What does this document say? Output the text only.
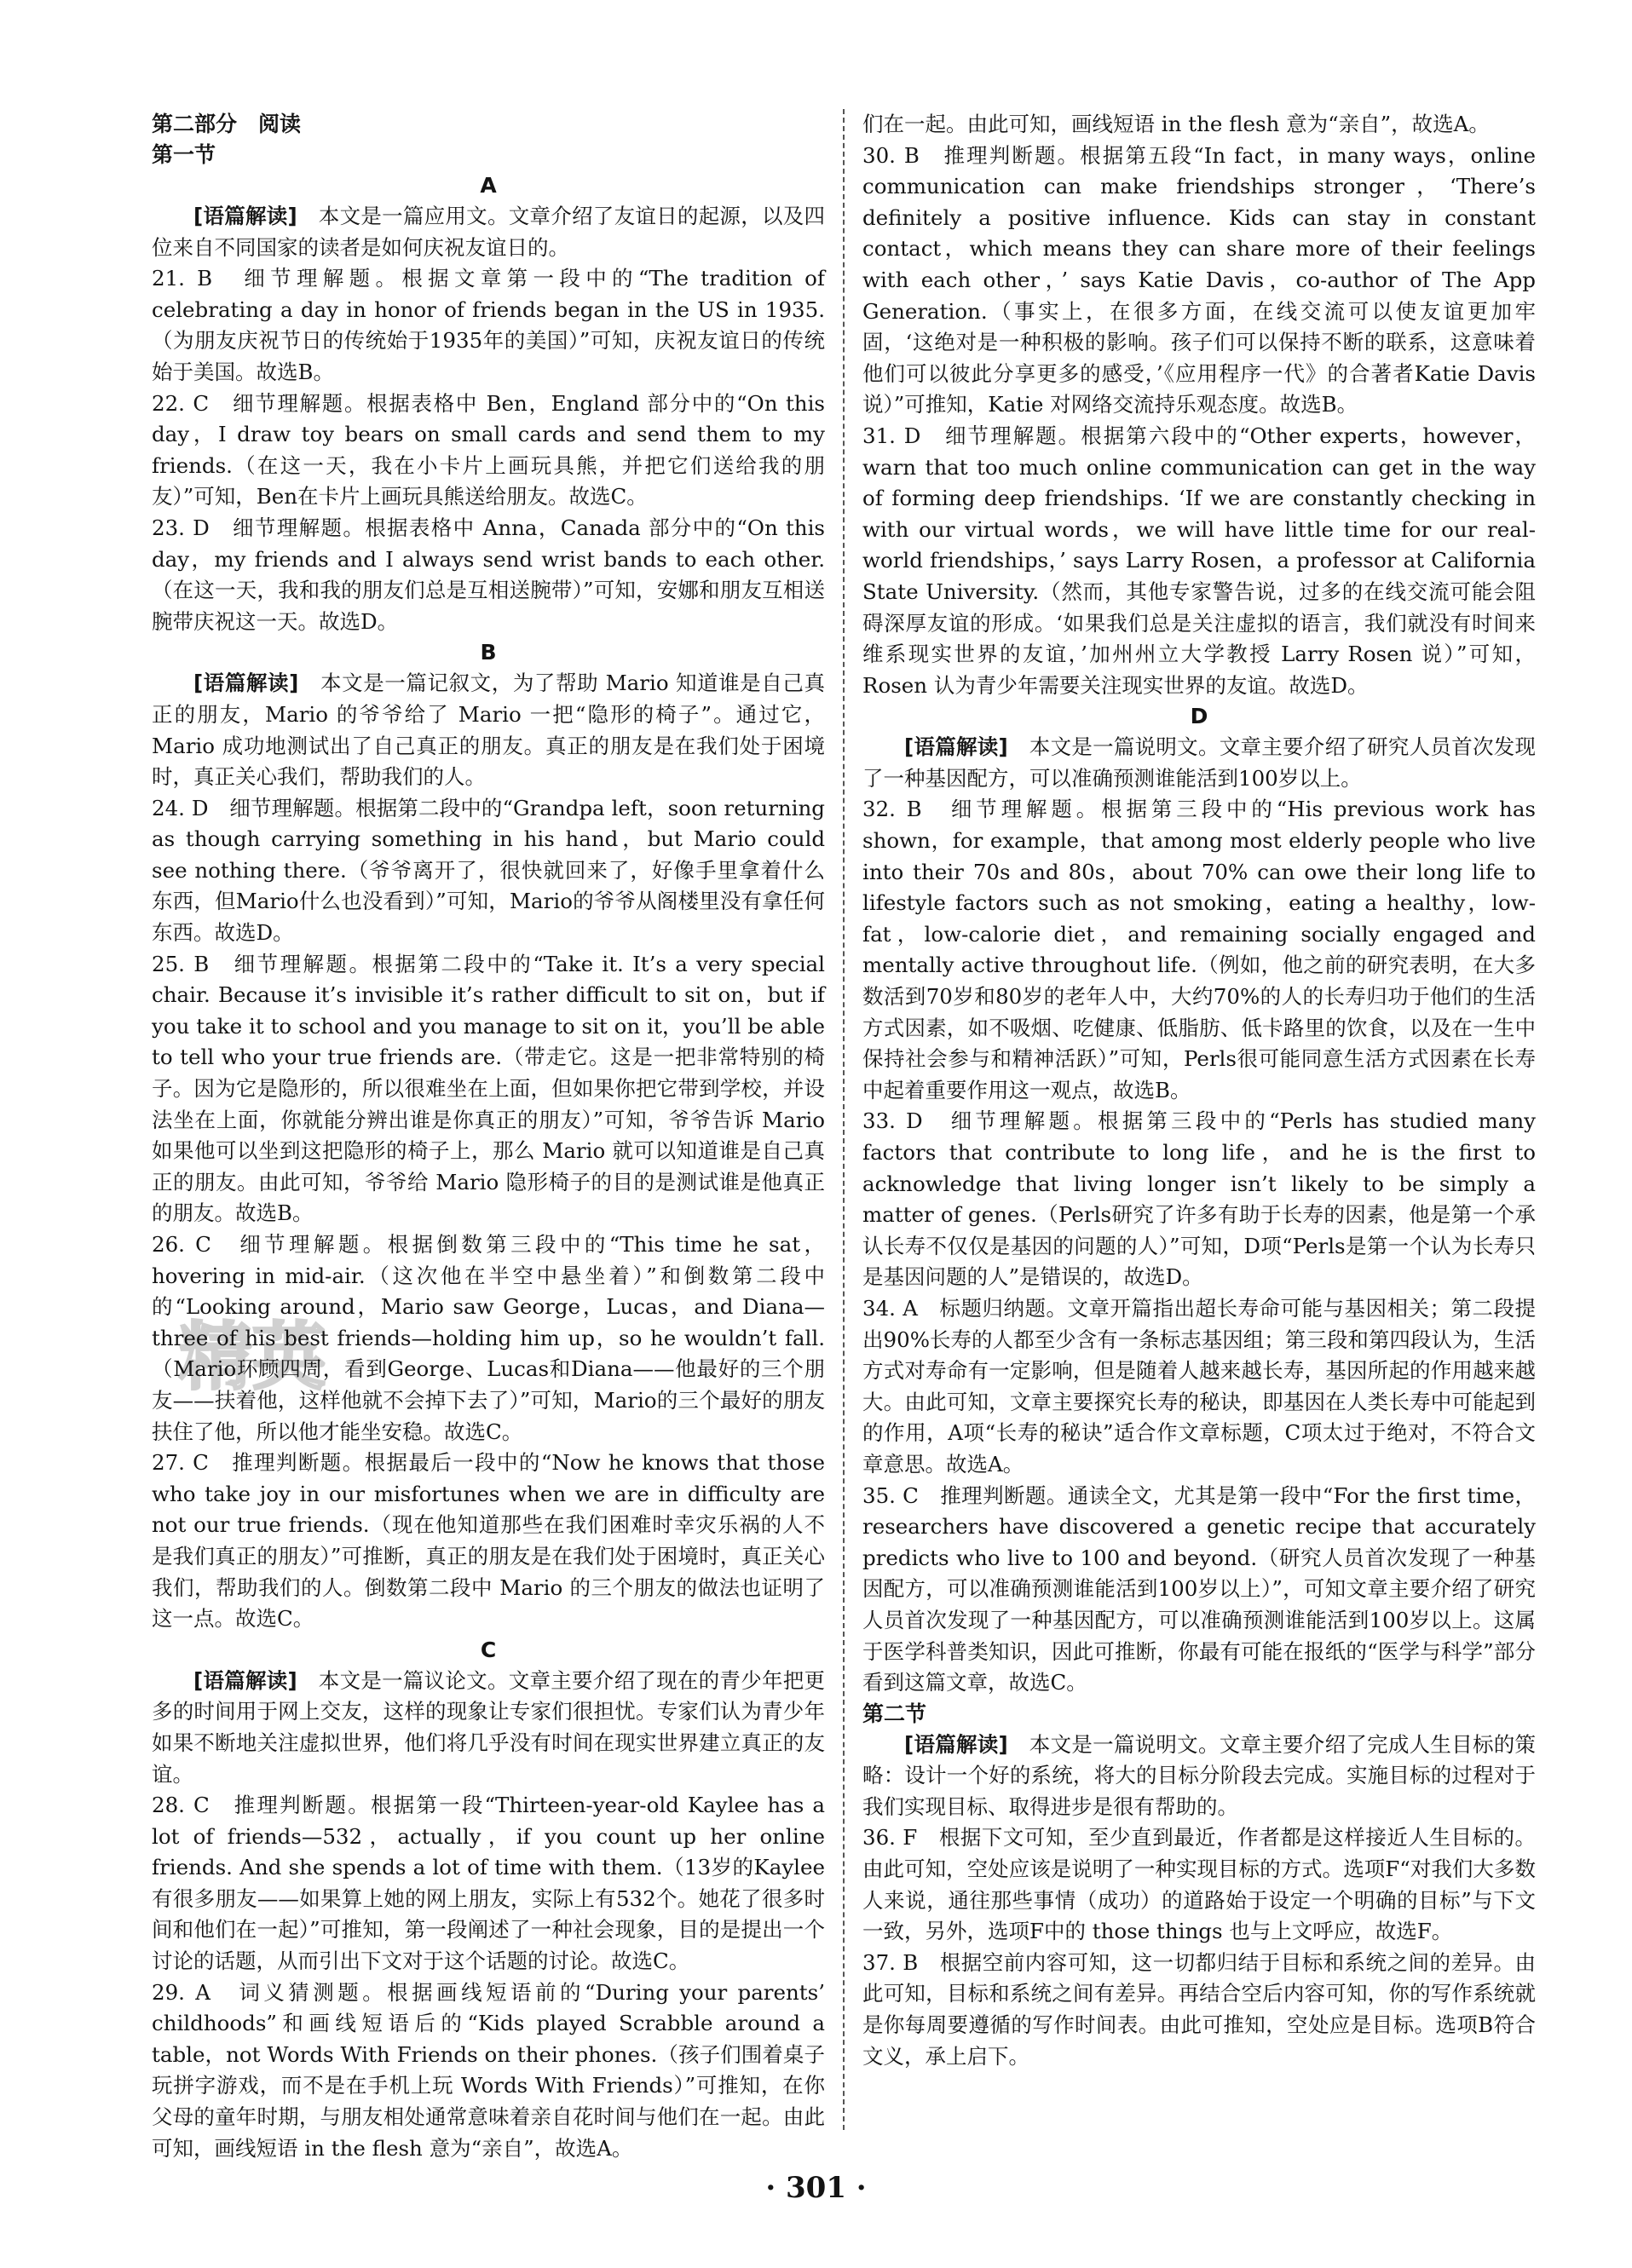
第二部分　阅读

第一节

A

[语篇解读]　 本文是一篇应用文。文章介绍了友谊日的起源，以及四位来自不同国家的读者是如何庆祝友谊日的。

21. B　细节理解题。根据文章第一段中的“The tradition of celebrating a day in honor of friends began in the US in 1935.（为朋友庆祝节日的传统始于1935年的美国）”可知，庆祝友谊日的传统始于美国。故选B。

22. C　细节理解题。根据表格中 Ben，England 部分中的“On this day，I draw toy bears on small cards and send them to my friends.（在这一天，我在小卡片上画玩具熊，并把它们送给我的朋友）”可知，Ben在卡片上画玩具熊送给朋友。故选C。

23. D　细节理解题。根据表格中 Anna，Canada 部分中的“On this day，my friends and I always send wrist bands to each other.（在这一天，我和我的朋友们总是互相送腕带）”可知，安娜和朋友互相送腕带庆祝这一天。故选D。

B

[语篇解读]　 本文是一篇记叙文，为了帮助 Mario 知道谁是自己真正的朋友，Mario 的爷爷给了 Mario 一把“隐形的椅子”。通过它，Mario 成功地测试出了自己真正的朋友。真正的朋友是在我们处于困境时，真正关心我们，帮助我们的人。

24. D　细节理解题。根据第二段中的“Grandpa left，soon returning as though carrying something in his hand，but Mario could see nothing there.（爷爷离开了，很快就回来了，好像手里拿着什么东西，但Mario什么也没看到）”可知，Mario的爷爷从阁楼里没有拿任何东西。故选D。

25. B　细节理解题。根据第二段中的“Take it. It’s a very special chair. Because it’s invisible it’s rather difficult to sit on，but if you take it to school and you manage to sit on it，you’ll be able to tell who your true friends are.（带走它。这是一把非常特别的椅子。因为它是隐形的，所以很难坐在上面，但如果你把它带到学校，并设法坐在上面，你就能分辨出谁是你真正的朋友）”可知，爷爷告诉 Mario 如果他可以坐到这把隐形的椅子上，那么 Mario 就可以知道谁是自己真正的朋友。由此可知，爷爷给 Mario 隐形椅子的目的是测试谁是他真正的朋友。故选B。

26. C　细节理解题。根据倒数第三段中的“This time he sat，hovering in mid-air.（这次他在半空中悬坐着）”和倒数第二段中的“Looking around，Mario saw George，Lucas，and Diana—three of his best friends—holding him up，so he wouldn’t fall.（Mario环顾四周，看到George、Lucas和Diana——他最好的三个朋友——扶着他，这样他就不会掉下去了）”可知，Mario的三个最好的朋友扶住了他，所以他才能坐安稳。故选C。

27. C　推理判断题。根据最后一段中的“Now he knows that those who take joy in our misfortunes when we are in difficulty are not our true friends.（现在他知道那些在我们困难时幸灾乐祸的人不是我们真正的朋友）”可推断，真正的朋友是在我们处于困境时，真正关心我们，帮助我们的人。倒数第二段中 Mario 的三个朋友的做法也证明了这一点。故选C。

C

[语篇解读]　 本文是一篇议论文。文章主要介绍了现在的青少年把更多的时间用于网上交友，这样的现象让专家们很担忧。专家们认为青少年如果不断地关注虚拟世界，他们将几乎没有时间在现实世界建立真正的友谊。

28. C　推理判断题。根据第一段“Thirteen-year-old Kaylee has a lot of friends—532，actually，if you count up her online friends. And she spends a lot of time with them.（13岁的Kaylee有很多朋友——如果算上她的网上朋友，实际上有532个。她花了很多时间和他们在一起）”可推知，第一段阐述了一种社会现象，目的是提出一个讨论的话题，从而引出下文对于这个话题的讨论。故选C。

29. A　词义猜测题。根据画线短语前的“During your parents’ childhoods”和画线短语后的“Kids played Scrabble around a table，not Words With Friends on their phones.（孩子们围着桌子玩拼字游戏，而不是在手机上玩 Words With Friends）”可推知，在你父母的童年时期，与朋友相处通常意味着亲自花时间与他们在一起。由此可知，画线短语 in the flesh 意为“亲自”，故选A。

们在一起。由此可知，画线短语 in the flesh 意为“亲自”，故选A。

30. B　推理判断题。根据第五段“In fact，in many ways，online communication can make friendships stronger，‘There’s definitely a positive influence. Kids can stay in constant contact，which means they can share more of their feelings with each other，’ says Katie Davis，co-author of The App Generation.（事实上，在很多方面，在线交流可以使友谊更加牢固，‘这绝对是一种积极的影响。孩子们可以保持不断的联系，这意味着他们可以彼此分享更多的感受，’《应用程序一代》的合著者Katie Davis说）”可推知，Katie 对网络交流持乐观态度。故选B。

31. D　细节理解题。根据第六段中的“Other experts，however，warn that too much online communication can get in the way of forming deep friendships. ‘If we are constantly checking in with our virtual words，we will have little time for our real-world friendships，’ says Larry Rosen，a professor at California State University.（然而，其他专家警告说，过多的在线交流可能会阻碍深厚友谊的形成。‘如果我们总是关注虚拟的语言，我们就没有时间来维系现实世界的友谊，’加州州立大学教授 Larry Rosen 说）”可知，Rosen 认为青少年需要关注现实世界的友谊。故选D。

D

[语篇解读]　 本文是一篇说明文。文章主要介绍了研究人员首次发现了一种基因配方，可以准确预测谁能活到100岁以上。

32. B　细节理解题。根据第三段中的“His previous work has shown，for example，that among most elderly people who live into their 70s and 80s，about 70% can owe their long life to lifestyle factors such as not smoking，eating a healthy，low-fat，low-calorie diet，and remaining socially engaged and mentally active throughout life.（例如，他之前的研究表明，在大多数活到70岁和80岁的老年人中，大约70%的人的长寿归功于他们的生活方式因素，如不吸烟、吃健康、低脂肪、低卡路里的饮食，以及在一生中保持社会参与和精神活跃）”可知，Perls很可能同意生活方式因素在长寿中起着重要作用这一观点，故选B。

33. D　细节理解题。根据第三段中的“Perls has studied many factors that contribute to long life，and he is the first to acknowledge that living longer isn’t likely to be simply a matter of genes.（Perls研究了许多有助于长寿的因素，他是第一个承认长寿不仅仅是基因的问题的人）”可知，D项“Perls是第一个认为长寿只是基因问题的人”是错误的，故选D。

34. A　标题归纳题。文章开篇指出超长寿命可能与基因相关；第二段提出90%长寿的人都至少含有一条标志基因组；第三段和第四段认为，生活方式对寿命有一定影响，但是随着人越来越长寿，基因所起的作用越来越大。由此可知，文章主要探究长寿的秘诀，即基因在人类长寿中可能起到的作用，A项“长寿的秘诀”适合作文章标题，C项太过于绝对，不符合文章意思。故选A。

35. C　推理判断题。通读全文，尤其是第一段中“For the first time，researchers have discovered a genetic recipe that accurately predicts who live to 100 and beyond.（研究人员首次发现了一种基因配方，可以准确预测谁能活到100岁以上）”，可知文章主要介绍了研究人员首次发现了一种基因配方，可以准确预测谁能活到100岁以上。这属于医学科普类知识，因此可推断，你最有可能在报纸的“医学与科学”部分看到这篇文章，故选C。

第二节

[语篇解读]　 本文是一篇说明文。文章主要介绍了完成人生目标的策略：设计一个好的系统，将大的目标分阶段去完成。实施目标的过程对于我们实现目标、取得进步是很有帮助的。

36. F　根据下文可知，至少直到最近，作者都是这样接近人生目标的。由此可知，空处应该是说明了一种实现目标的方式。选项F“对我们大多数人来说，通往那些事情（成功）的道路始于设定一个明确的目标”与下文一致，另外，选项F中的 those things 也与上文呼应，故选F。

37. B　根据空前内容可知，这一切都归结于目标和系统之间的差异。由此可知，目标和系统之间有差异。再结合空后内容可知，你的写作系统就是你每周要遵循的写作时间表。由此可推知，空处应是目标。选项B符合文义，承上启下。

精英
· 301 ·
